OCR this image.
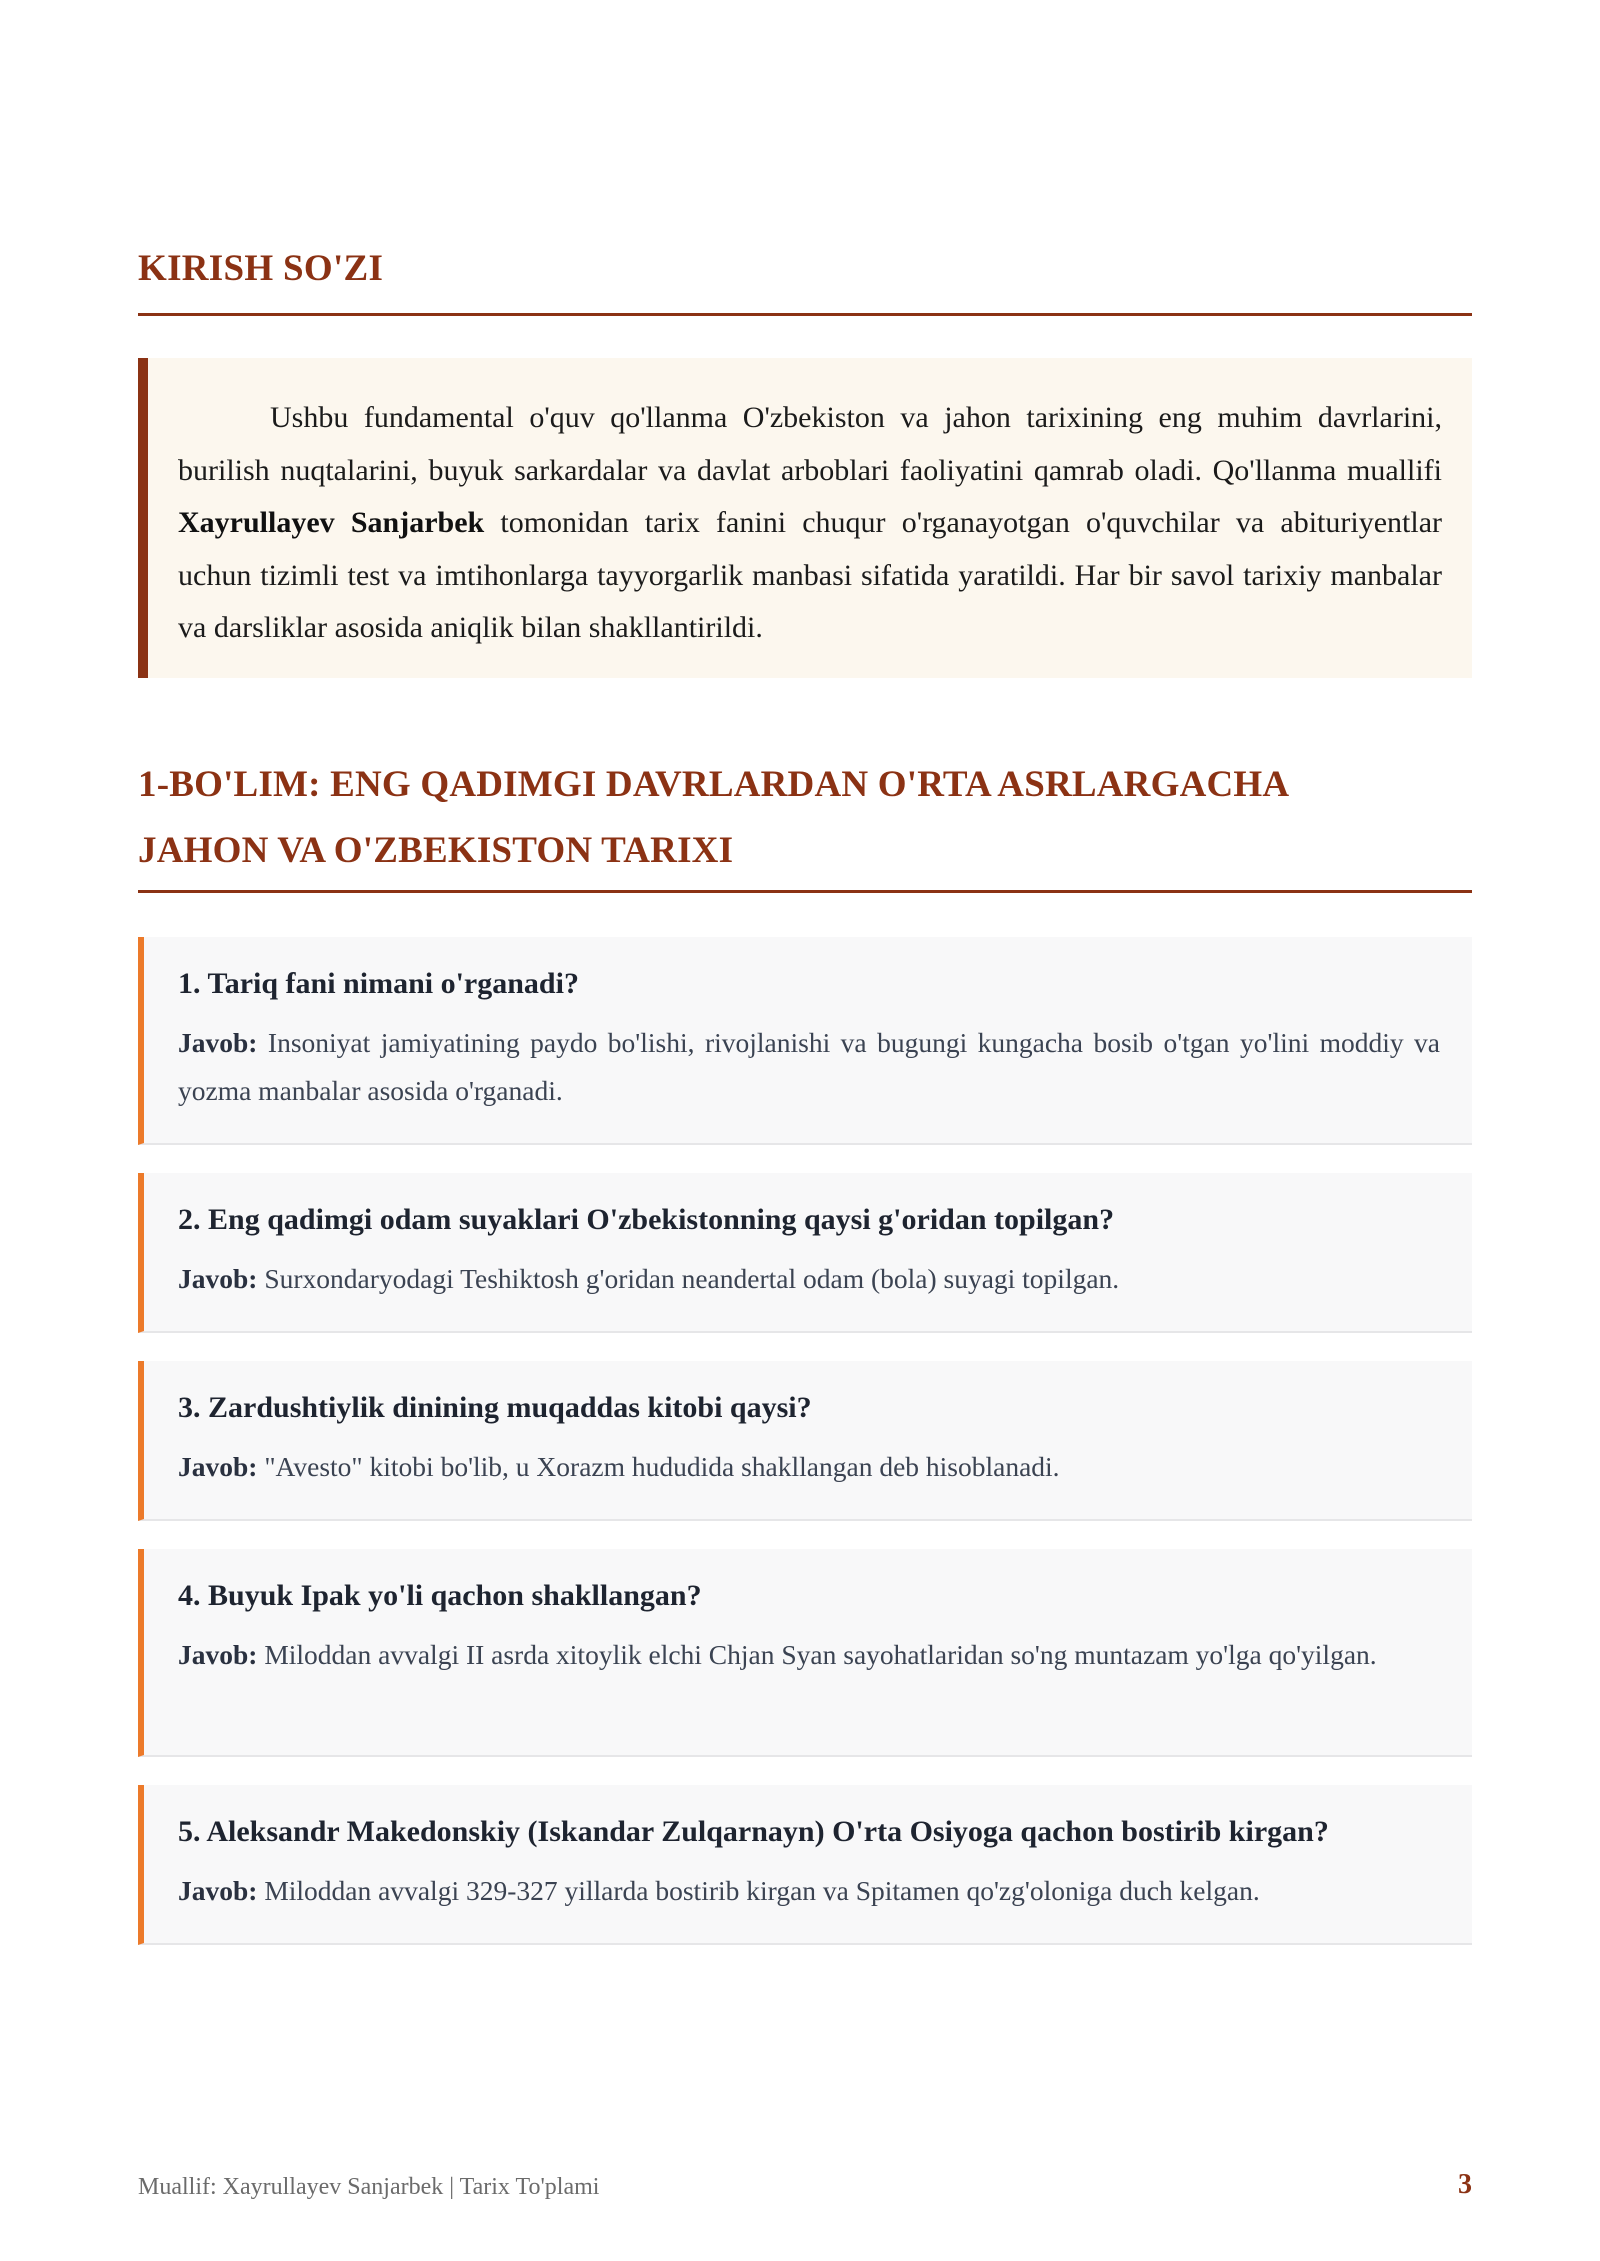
KIRISH SO'ZI

Ushbu fundamental o'quv qo'llanma O'zbekiston va jahon tarixining eng muhim davrlarini, burilish nuqtalarini, buyuk sarkardalar va davlat arboblari faoliyatini qamrab oladi. Qo'llanma muallifi Xayrullayev Sanjarbek tomonidan tarix fanini chuqur o'rganayotgan o'quvchilar va abituriyentlar uchun tizimli test va imtihonlarga tayyorgarlik manbasi sifatida yaratildi. Har bir savol tarixiy manbalar va darsliklar asosida aniqlik bilan shakllantirildi.

1-BO'LIM: ENG QADIMGI DAVRLARDAN O'RTA ASRLARGACHA
JAHON VA O'ZBEKISTON TARIXI

1. Tariq fani nimani o'rganadi?

Javob: Insoniyat jamiyatining paydo bo'lishi, rivojlanishi va bugungi kungacha bosib o'tgan yo'lini moddiy va yozma manbalar asosida o'rganadi.

2. Eng qadimgi odam suyaklari O'zbekistonning qaysi g'oridan topilgan?

Javob: Surxondaryodagi Teshiktosh g'oridan neandertal odam (bola) suyagi topilgan.

3. Zardushtiylik dinining muqaddas kitobi qaysi?

Javob: "Avesto" kitobi bo'lib, u Xorazm hududida shakllangan deb hisoblanadi.

4. Buyuk Ipak yo'li qachon shakllangan?

Javob: Miloddan avvalgi II asrda xitoylik elchi Chjan Syan sayohatlaridan so'ng muntazam yo'lga qo'yilgan.

5. Aleksandr Makedonskiy (Iskandar Zulqarnayn) O'rta Osiyoga qachon bostirib kirgan?

Javob: Miloddan avvalgi 329-327 yillarda bostirib kirgan va Spitamen qo'zg'oloniga duch kelgan.

Muallif: Xayrullayev Sanjarbek | Tarix To'plami	3
